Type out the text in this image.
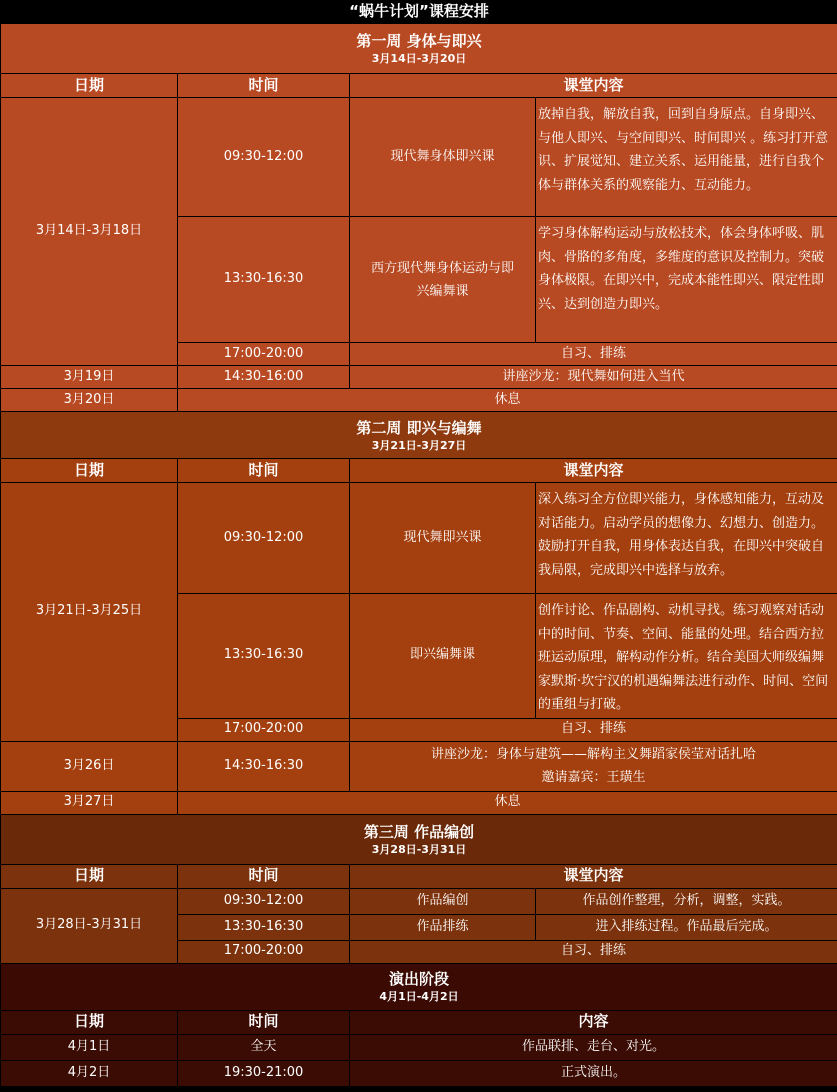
“蜗牛计划”课程安排			
第一周 身体与即兴
3月14日-3月20日			

日期	时间	课堂内容	
3月14日-3月18日	09:30-12:00	现代舞身体即兴课	放掉自我，解放自我，回到自身原点。自身即兴、与他人即兴、与空间即兴、时间即兴 。练习打开意识、扩展觉知、建立关系、运用能量，进行自我个体与群体关系的观察能力、互动能力。
	13:30-16:30	西方现代舞身体运动与即兴编舞课	学习身体解构运动与放松技术，体会身体呼吸、肌肉、骨胳的多角度，多维度的意识及控制力。突破身体极限。在即兴中，完成本能性即兴、限定性即兴、达到创造力即兴。
	17:00-20:00	自习、排练	
3月19日	14:30-16:00	讲座沙龙：现代舞如何进入当代	
3月20日	休息		
第二周 即兴与编舞
3月21日-3月27日			

日期	时间	课堂内容	
3月21日-3月25日	09:30-12:00	现代舞即兴课	深入练习全方位即兴能力，身体感知能力，互动及对话能力。启动学员的想像力、幻想力、创造力。鼓励打开自我，用身体表达自我，在即兴中突破自我局限，完成即兴中选择与放弃。
	13:30-16:30	即兴编舞课	创作讨论、作品剧构、动机寻找。练习观察对话动中的时间、节奏、空间、能量的处理。结合西方拉班运动原理，解构动作分析。结合美国大师级编舞家默斯·坎宁汉的机遇编舞法进行动作、时间、空间的重组与打破。
	17:00-20:00	自习、排练	
3月26日	14:30-16:30	讲座沙龙：身体与建筑——解构主义舞蹈家侯莹对话扎哈
邀请嘉宾：王璜生	

3月27日	休息		
第三周 作品编创
3月28日-3月31日			

日期	时间	课堂内容	
3月28日-3月31日	09:30-12:00	作品编创	作品创作整理，分析，调整，实践。
	13:30-16:30	作品排练	进入排练过程。作品最后完成。
	17:00-20:00	自习、排练	
演出阶段
4月1日-4月2日			

日期	时间	内容	
4月1日	全天	作品联排、走台、对光。	
4月2日	19:30-21:00	正式演出。	
